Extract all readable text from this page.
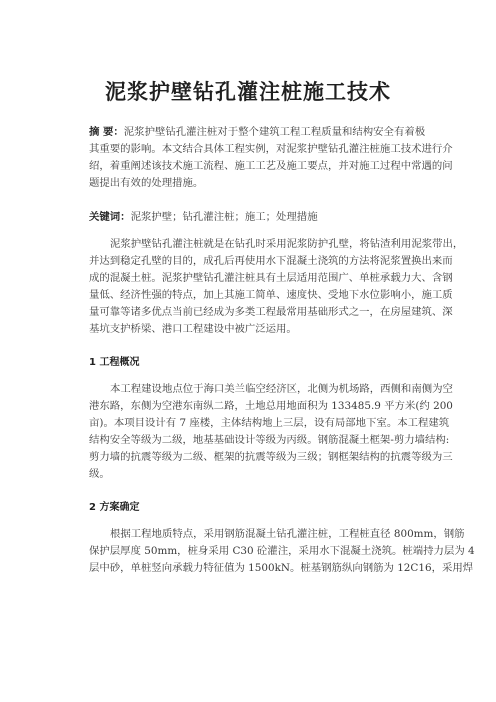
泥浆护壁钻孔灌注桩施工技术
摘 要：泥浆护壁钻孔灌注桩对于整个建筑工程工程质量和结构安全有着极
其重要的影响。本文结合具体工程实例，对泥浆护壁钻孔灌注桩施工技术进行介
绍，着重阐述该技术施工流程、施工工艺及施工要点，并对施工过程中常遇的问
题提出有效的处理措施。
关键词：泥浆护壁；钻孔灌注桩；施工；处理措施
泥浆护壁钻孔灌注桩就是在钻孔时采用泥浆防护孔壁，将钻渣利用泥浆带出，
并达到稳定孔壁的目的，成孔后再使用水下混凝土浇筑的方法将泥浆置换出来而
成的混凝土桩。泥浆护壁钻孔灌注桩具有土层适用范围广、单桩承载力大、含钢
量低、经济性强的特点，加上其施工简单、速度快、受地下水位影响小，施工质
量可靠等诸多优点当前已经成为多类工程最常用基础形式之一，在房屋建筑、深
基坑支护桥梁、港口工程建设中被广泛运用。
1 工程概况
本工程建设地点位于海口美兰临空经济区，北侧为机场路，西侧和南侧为空
港东路，东侧为空港东南纵二路，土地总用地面积为 133485.9 平方米(约 200
亩)。本项目设计有 7 座楼，主体结构地上三层，设有局部地下室。本工程建筑
结构安全等级为二级，地基基础设计等级为丙级。钢筋混凝土框架-剪力墙结构:
剪力墙的抗震等级为二级、框架的抗震等级为三级；钢框架结构的抗震等级为三
级。
2 方案确定
根据工程地质特点，采用钢筋混凝土钻孔灌注桩，工程桩直径 800mm，钢筋
保护层厚度 50mm，桩身采用 C30 砼灌注，采用水下混凝土浇筑。桩端持力层为 4
层中砂，单桩竖向承载力特征值为 1500kN。桩基钢筋纵向钢筋为 12C16，采用焊
